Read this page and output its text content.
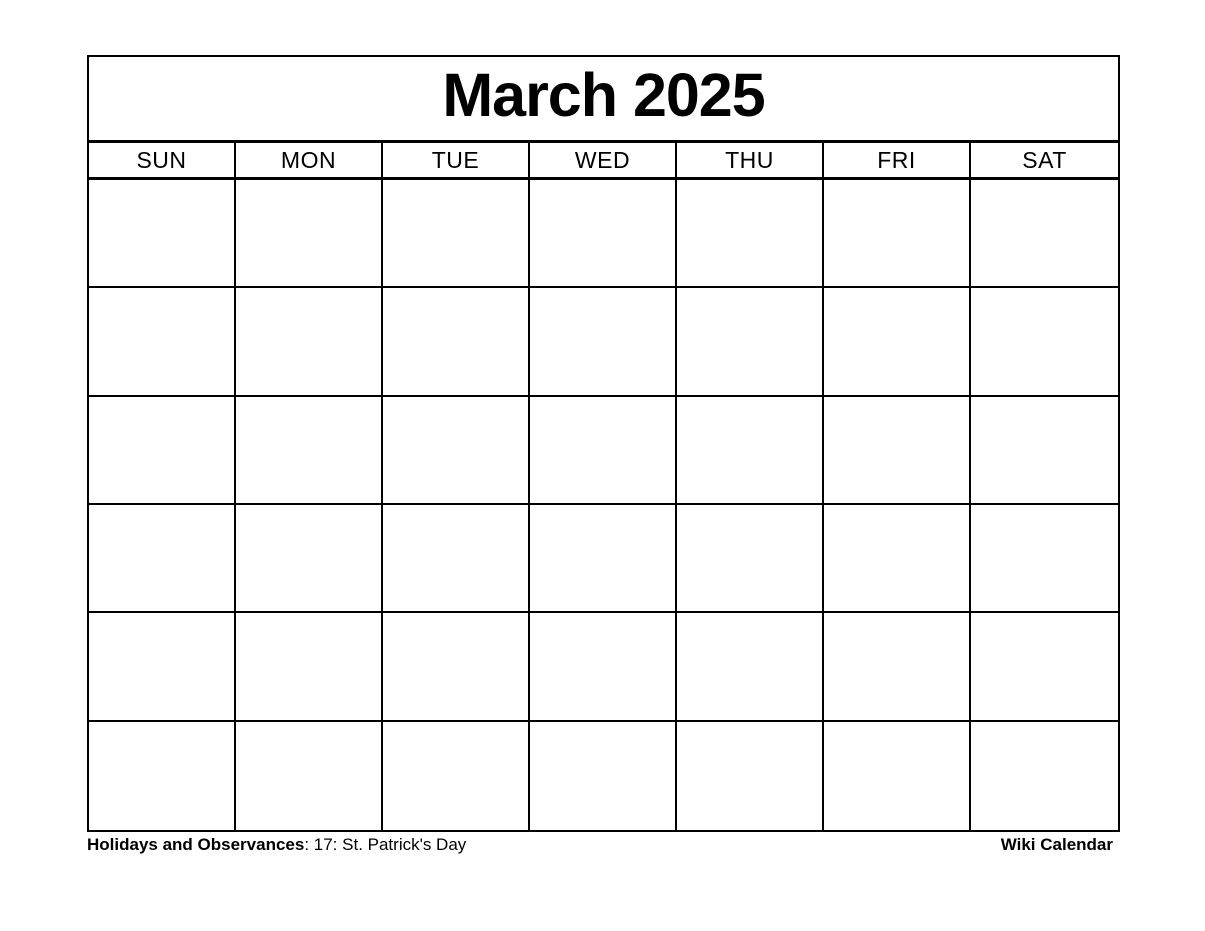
March 2025
SUN	MON	TUE	WED	THU	FRI	SAT
Holidays and Observances: 17: St. Patrick's Day	Wiki Calendar
